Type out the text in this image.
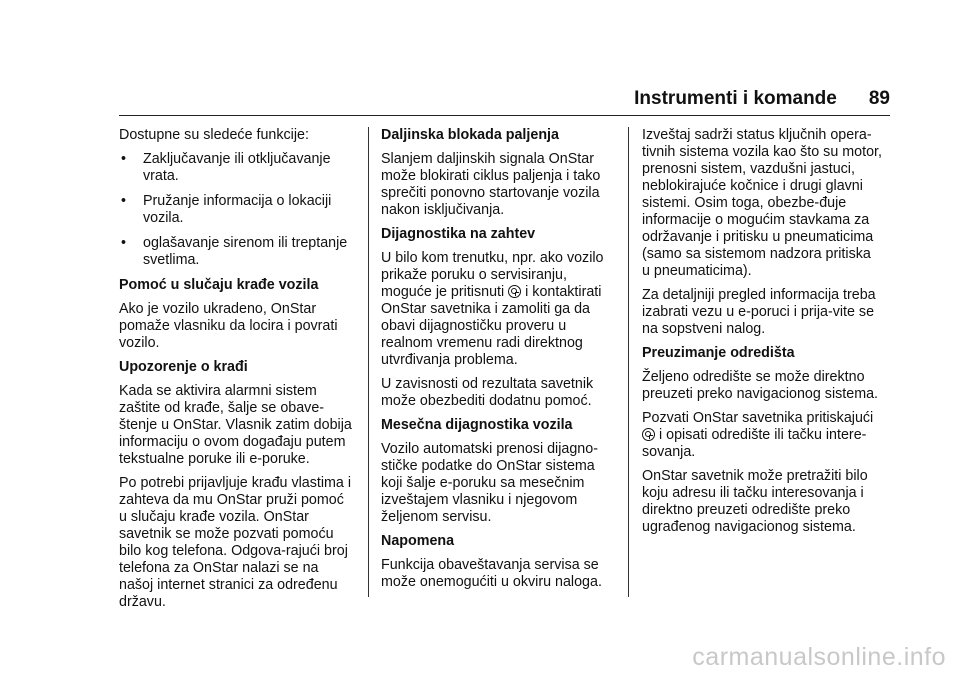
Instrumenti i komande 89

Dostupne su sledeće funkcije:

• Zaključavanje ili otključavanje vrata.
• Pružanje informacija o lokaciji vozila.
• oglašavanje sirenom ili treptanje svetlima.

Pomoć u slučaju krađe vozila

Ako je vozilo ukradeno, OnStar pomaže vlasniku da locira i povrati vozilo.

Upozorenje o krađi

Kada se aktivira alarmni sistem zaštite od krađe, šalje se obave-štenje u OnStar. Vlasnik zatim dobija informaciju o ovom događaju putem tekstualne poruke ili e-poruke.

Po potrebi prijavljuje krađu vlastima i zahteva da mu OnStar pruži pomoć u slučaju krađe vozila. OnStar savetnik se može pozvati pomoću bilo kog telefona. Odgova-rajući broj telefona za OnStar nalazi se na našoj internet stranici za određenu državu.

Daljinska blokada paljenja

Slanjem daljinskih signala OnStar može blokirati ciklus paljenja i tako sprečiti ponovno startovanje vozila nakon isključivanja.

Dijagnostika na zahtev

U bilo kom trenutku, npr. ako vozilo prikaže poruku o servisiranju, moguće je pritisnuti i kontaktirati OnStar savetnika i zamoliti ga da obavi dijagnostičku proveru u realnom vremenu radi direktnog utvrđivanja problema.

U zavisnosti od rezultata savetnik može obezbediti dodatnu pomoć.

Mesečna dijagnostika vozila

Vozilo automatski prenosi dijagno-stičke podatke do OnStar sistema koji šalje e-poruku sa mesečnim izveštajem vlasniku i njegovom željenom servisu.

Napomena

Funkcija obaveštavanja servisa se može onemogućiti u okviru naloga.

Izveštaj sadrži status ključnih opera-tivnih sistema vozila kao što su motor, prenosni sistem, vazdušni jastuci, neblokirajuće kočnice i drugi glavni sistemi. Osim toga, obezbe-đuje informacije o mogućim stavkama za održavanje i pritisku u pneumaticima (samo sa sistemom nadzora pritiska u pneumaticima).

Za detaljniji pregled informacija treba izabrati vezu u e-poruci i prija-vite se na sopstveni nalog.

Preuzimanje odredišta

Željeno odredište se može direktno preuzeti preko navigacionog sistema.

Pozvati OnStar savetnika pritiskajući i opisati odredište ili tačku intere-sovanja.

OnStar savetnik može pretražiti bilo koju adresu ili tačku interesovanja i direktno preuzeti odredište preko ugrađenog navigacionog sistema.

carmanualsonline.info
